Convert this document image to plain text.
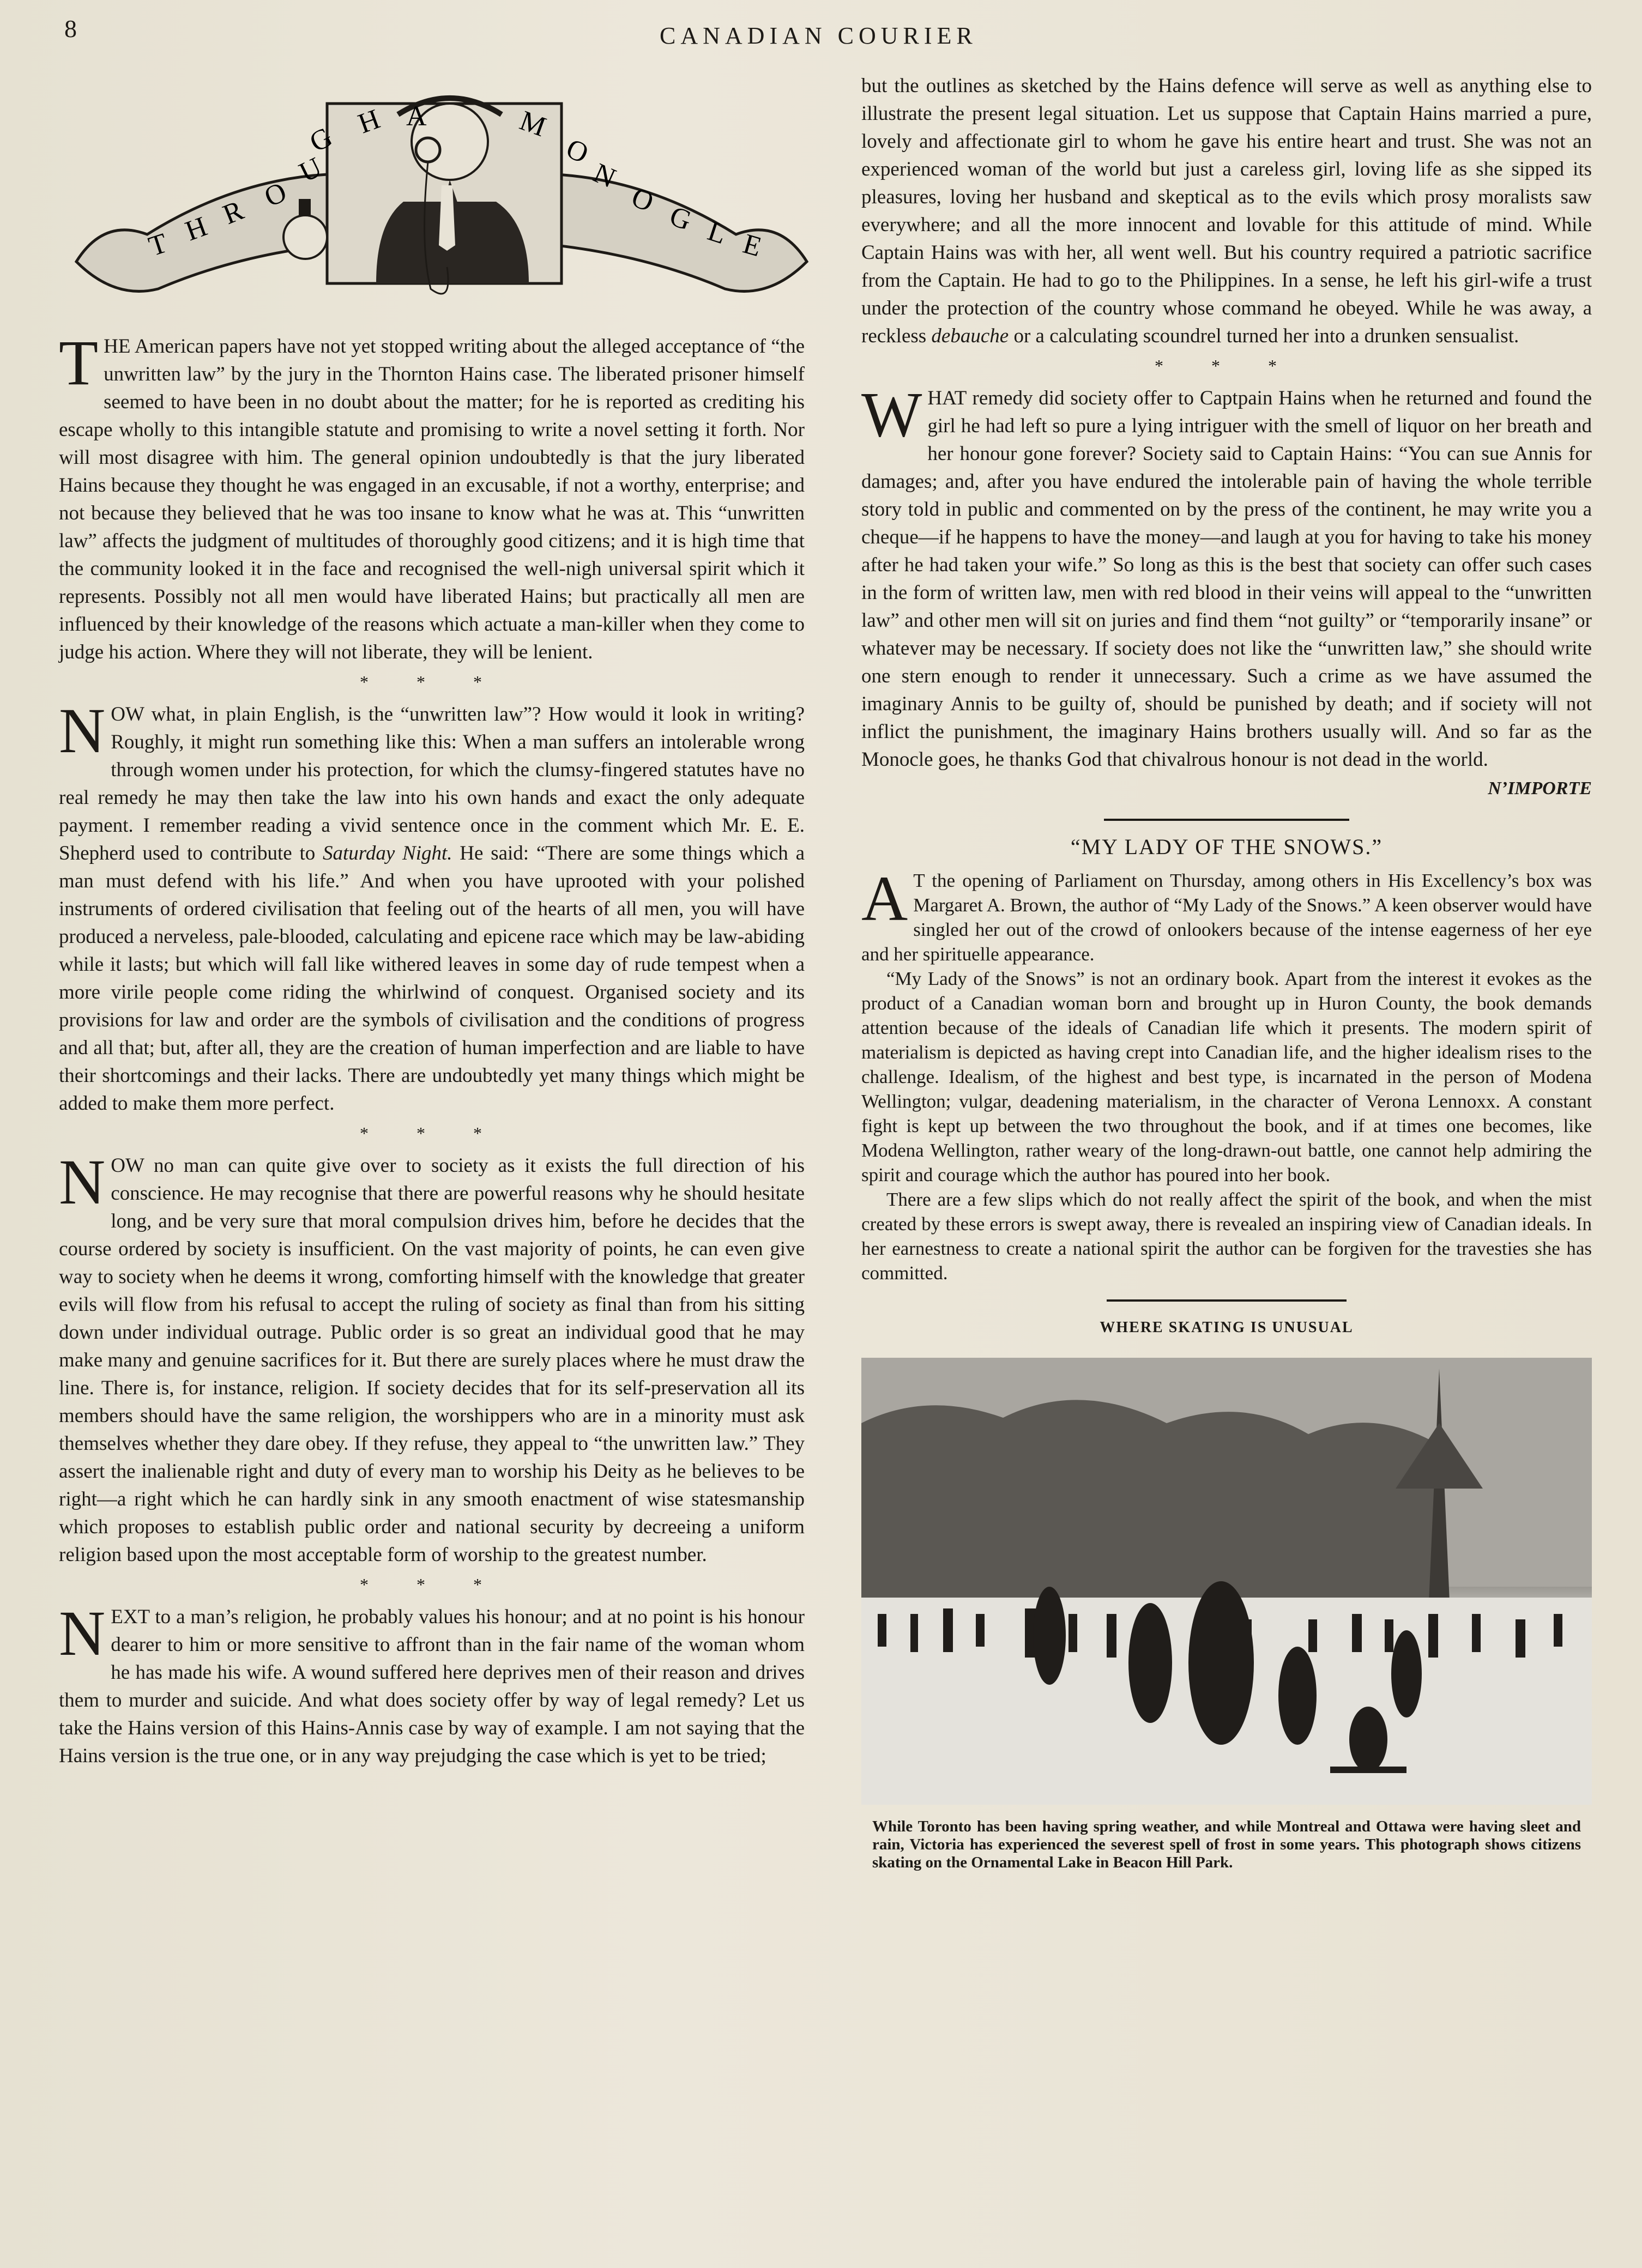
8	CANADIAN COURIER
T H R O
U
G H A	M
O
N
O
G L E

THE American papers have not yet stopped writing about the alleged acceptance of “the unwritten law” by the jury in the Thornton Hains case. The liberated prisoner himself seemed to have been in no doubt about the matter; for he is reported as crediting his escape wholly to this intangible statute and promising to write a novel setting it forth. Nor will most disagree with him. The general opinion undoubtedly is that the jury liberated Hains because they thought he was engaged in an excusable, if not a worthy, enterprise; and not because they believed that he was too insane to know what he was at. This “unwritten law” affects the judgment of multitudes of thoroughly good citizens; and it is high time that the community looked it in the face and recognised the well-nigh universal spirit which it represents. Possibly not all men would have liberated Hains; but practically all men are influenced by their knowledge of the reasons which actuate a man-killer when they come to judge his action. Where they will not liberate, they will be lenient.

* * *

NOW what, in plain English, is the “unwritten law”? How would it look in writing? Roughly, it might run something like this: When a man suffers an intolerable wrong through women under his protection, for which the clumsy-fingered statutes have no real remedy he may then take the law into his own hands and exact the only adequate payment. I remember reading a vivid sentence once in the comment which Mr. E. E. Shepherd used to contribute to Saturday Night. He said: “There are some things which a man must defend with his life.” And when you have uprooted with your polished instruments of ordered civilisation that feeling out of the hearts of all men, you will have produced a nerveless, pale-blooded, calculating and epicene race which may be law-abiding while it lasts; but which will fall like withered leaves in some day of rude tempest when a more virile people come riding the whirlwind of conquest. Organised society and its provisions for law and order are the symbols of civilisation and the conditions of progress and all that; but, after all, they are the creation of human imperfection and are liable to have their shortcomings and their lacks. There are undoubtedly yet many things which might be added to make them more perfect.

* * *

NOW no man can quite give over to society as it exists the full direction of his conscience. He may recognise that there are powerful reasons why he should hesitate long, and be very sure that moral compulsion drives him, before he decides that the course ordered by society is insufficient. On the vast majority of points, he can even give way to society when he deems it wrong, comforting himself with the knowledge that greater evils will flow from his refusal to accept the ruling of society as final than from his sitting down under individual outrage. Public order is so great an individual good that he may make many and genuine sacrifices for it. But there are surely places where he must draw the line. There is, for instance, religion. If society decides that for its self-preservation all its members should have the same religion, the worshippers who are in a minority must ask themselves whether they dare obey. If they refuse, they appeal to “the unwritten law.” They assert the inalienable right and duty of every man to worship his Deity as he believes to be right—a right which he can hardly sink in any smooth enactment of wise statesmanship which proposes to establish public order and national security by decreeing a uniform religion based upon the most acceptable form of worship to the greatest number.

* * *

NEXT to a man’s religion, he probably values his honour; and at no point is his honour dearer to him or more sensitive to affront than in the fair name of the woman whom he has made his wife. A wound suffered here deprives men of their reason and drives them to murder and suicide. And what does society offer by way of legal remedy? Let us take the Hains version of this Hains-Annis case by way of example. I am not saying that the Hains version is the true one, or in any way prejudging the case which is yet to be tried;

but the outlines as sketched by the Hains defence will serve as well as anything else to illustrate the present legal situation. Let us suppose that Captain Hains married a pure, lovely and affectionate girl to whom he gave his entire heart and trust. She was not an experienced woman of the world but just a careless girl, loving life as she sipped its pleasures, loving her husband and skeptical as to the evils which prosy moralists saw everywhere; and all the more innocent and lovable for this attitude of mind. While Captain Hains was with her, all went well. But his country required a patriotic sacrifice from the Captain. He had to go to the Philippines. In a sense, he left his girl-wife a trust under the protection of the country whose command he obeyed. While he was away, a reckless debauche or a calculating scoundrel turned her into a drunken sensualist.

* * *

WHAT remedy did society offer to Captpain Hains when he returned and found the girl he had left so pure a lying intriguer with the smell of liquor on her breath and her honour gone forever? Society said to Captain Hains: “You can sue Annis for damages; and, after you have endured the intolerable pain of having the whole terrible story told in public and commented on by the press of the continent, he may write you a cheque—if he happens to have the money—and laugh at you for having to take his money after he had taken your wife.” So long as this is the best that society can offer such cases in the form of written law, men with red blood in their veins will appeal to the “unwritten law” and other men will sit on juries and find them “not guilty” or “temporarily insane” or whatever may be necessary. If society does not like the “unwritten law,” she should write one stern enough to render it unnecessary. Such a crime as we have assumed the imaginary Annis to be guilty of, should be punished by death; and if society will not inflict the punishment, the imaginary Hains brothers usually will. And so far as the Monocle goes, he thanks God that chivalrous honour is not dead in the world.

N’IMPORTE
“MY LADY OF THE SNOWS.”

A T the opening of Parliament on Thursday, among others in His Excellency’s box was Margaret A. Brown, the author of “My Lady of the Snows.” A keen observer would have singled her out of the crowd of onlookers because of the intense eagerness of her eye and her spirituelle appearance.

“My Lady of the Snows” is not an ordinary book. Apart from the interest it evokes as the product of a Canadian woman born and brought up in Huron County, the book demands attention because of the ideals of Canadian life which it presents. The modern spirit of materialism is depicted as having crept into Canadian life, and the higher idealism rises to the challenge. Idealism, of the highest and best type, is incarnated in the person of Modena Wellington; vulgar, deadening materialism, in the character of Verona Lennoxx. A constant fight is kept up between the two throughout the book, and if at times one becomes, like Modena Wellington, rather weary of the long-drawn-out battle, one cannot help admiring the spirit and courage which the author has poured into her book.

There are a few slips which do not really affect the spirit of the book, and when the mist created by these errors is swept away, there is revealed an inspiring view of Canadian ideals. In her earnestness to create a national spirit the author can be forgiven for the travesties she has committed.

WHERE SKATING IS UNUSUAL
While Toronto has been having spring weather, and while Montreal and Ottawa were having sleet and rain, Victoria has experienced the severest spell of frost in some years. This photograph shows citizens skating on the Ornamental Lake in Beacon Hill Park.
